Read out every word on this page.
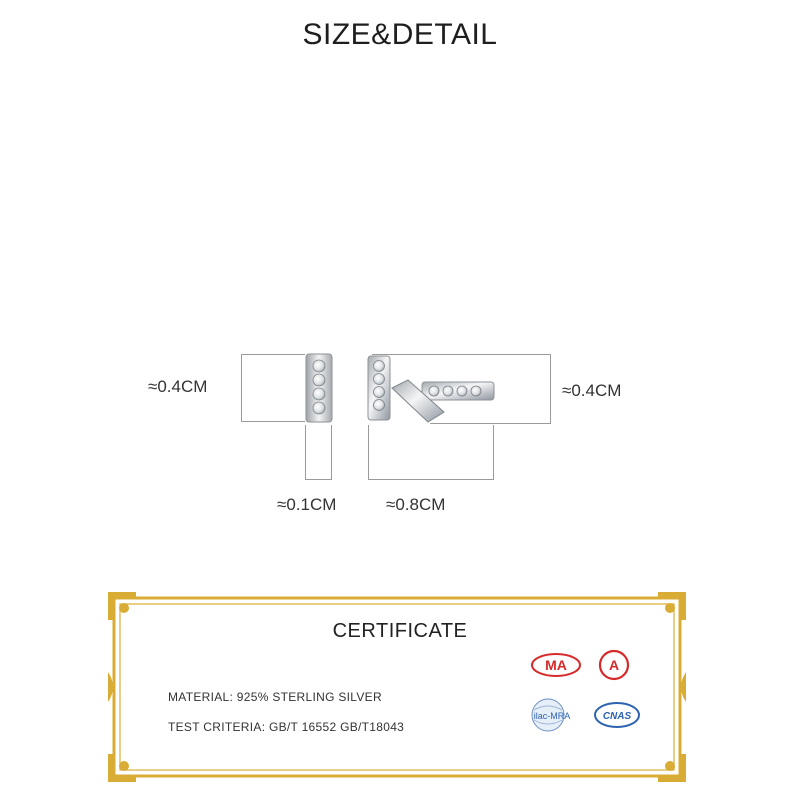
SIZE&DETAIL
≈0.4CM	≈0.4CM
≈0.1CM	≈0.8CM
CERTIFICATE
MATERIAL: 925% STERLING SILVER
TEST CRITERIA: GB/T 16552 GB/T18043
MA	A
ilac-MRA	CNAS
